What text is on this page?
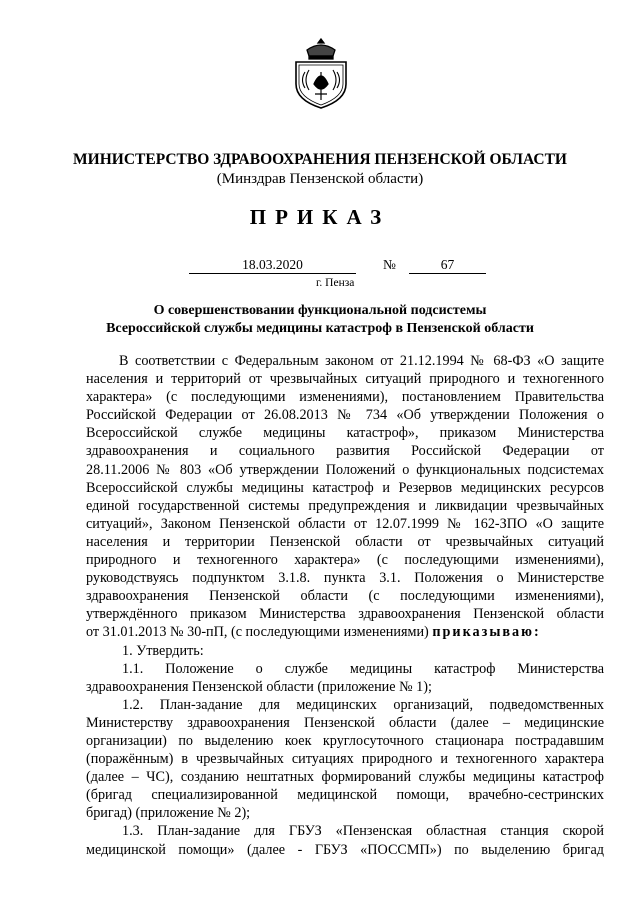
МИНИСТЕРСТВО ЗДРАВООХРАНЕНИЯ ПЕНЗЕНСКОЙ ОБЛАСТИ
(Минздрав Пензенской области)
ПРИКАЗ
18.03.2020	№	67
г. Пенза
О совершенствовании функциональной подсистемы
Всероссийской службы медицины катастроф в Пензенской области
В соответствии с Федеральным законом от 21.12.1994 № 68-ФЗ «О защите
населения и территорий от чрезвычайных ситуаций природного и техногенного
характера» (с последующими изменениями), постановлением Правительства
Российской Федерации от 26.08.2013 № 734 «Об утверждении Положения о
Всероссийской службе медицины катастроф», приказом Министерства
здравоохранения и социального развития Российской Федерации от
28.11.2006 № 803 «Об утверждении Положений о функциональных подсистемах
Всероссийской службы медицины катастроф и Резервов медицинских ресурсов
единой государственной системы предупреждения и ликвидации чрезвычайных
ситуаций», Законом Пензенской области от 12.07.1999 № 162-ЗПО «О защите
населения и территории Пензенской области от чрезвычайных ситуаций
природного и техногенного характера» (с последующими изменениями),
руководствуясь подпунктом 3.1.8. пункта 3.1. Положения о Министерстве
здравоохранения Пензенской области (с последующими изменениями),
утверждённого приказом Министерства здравоохранения Пензенской области
от 31.01.2013 № 30-пП, (с последующими изменениями) приказываю:
1. Утвердить:
1.1. Положение о службе медицины катастроф Министерства
здравоохранения Пензенской области (приложение № 1);
1.2. План-задание для медицинских организаций, подведомственных
Министерству здравоохранения Пензенской области (далее – медицинские
организации) по выделению коек круглосуточного стационара пострадавшим
(поражённым) в чрезвычайных ситуациях природного и техногенного характера
(далее – ЧС), созданию нештатных формирований службы медицины катастроф
(бригад специализированной медицинской помощи, врачебно-сестринских
бригад) (приложение № 2);
1.3. План-задание для ГБУЗ «Пензенская областная станция скорой
медицинской помощи» (далее - ГБУЗ «ПОССМП») по выделению бригад
